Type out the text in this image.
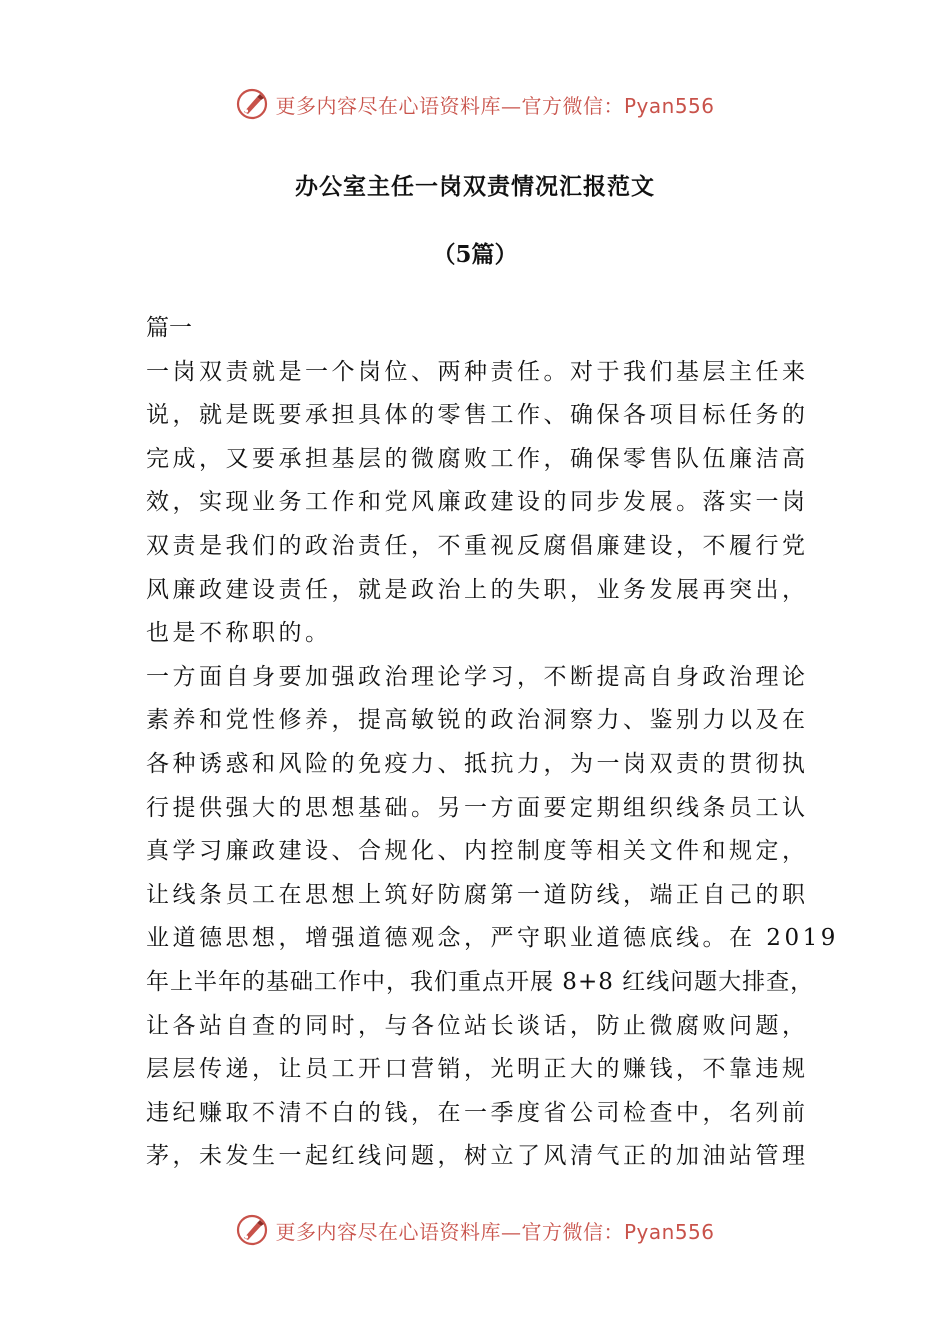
更多内容尽在心语资料库—官方微信：Pyan556
办公室主任一岗双责情况汇报范文
（5篇）

篇一

一岗双责就是一个岗位、两种责任。对于我们基层主任来

说，就是既要承担具体的零售工作、确保各项目标任务的

完成，又要承担基层的微腐败工作，确保零售队伍廉洁高

效，实现业务工作和党风廉政建设的同步发展。落实一岗

双责是我们的政治责任，不重视反腐倡廉建设，不履行党

风廉政建设责任，就是政治上的失职，业务发展再突出，

也是不称职的。

一方面自身要加强政治理论学习，不断提高自身政治理论

素养和党性修养，提高敏锐的政治洞察力、鉴别力以及在

各种诱惑和风险的免疫力、抵抗力，为一岗双责的贯彻执

行提供强大的思想基础。另一方面要定期组织线条员工认

真学习廉政建设、合规化、内控制度等相关文件和规定，

让线条员工在思想上筑好防腐第一道防线，端正自己的职

业道德思想，增强道德观念，严守职业道德底线。在 2019

年上半年的基础工作中，我们重点开展 8+8 红线问题大排查，

让各站自查的同时，与各位站长谈话，防止微腐败问题，

层层传递，让员工开口营销，光明正大的赚钱，不靠违规

违纪赚取不清不白的钱，在一季度省公司检查中，名列前

茅，未发生一起红线问题，树立了风清气正的加油站管理

更多内容尽在心语资料库—官方微信：Pyan556
